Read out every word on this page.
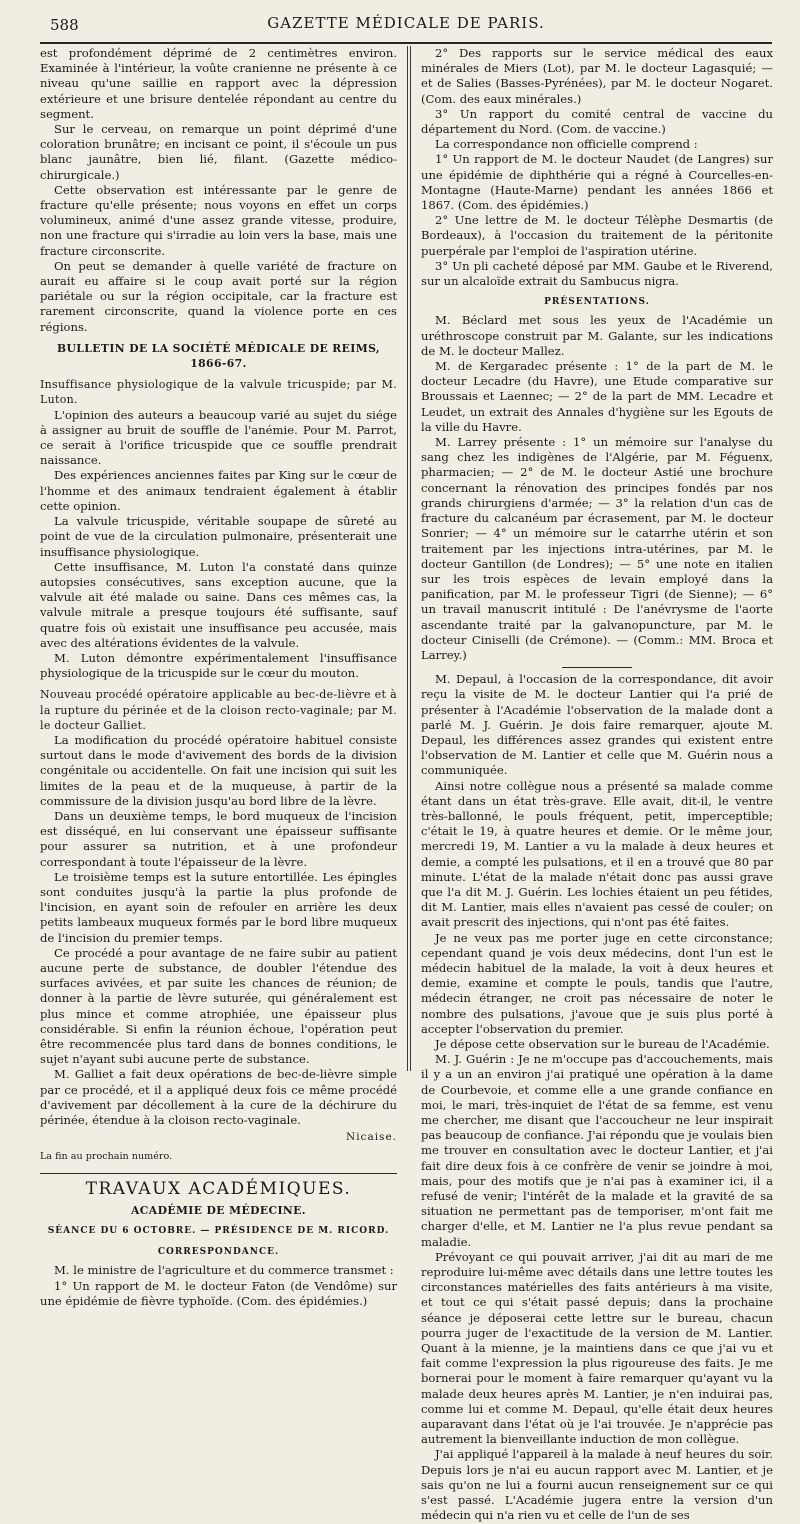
588	GAZETTE MÉDICALE DE PARIS.

est profondément déprimé de 2 centimètres environ. Examinée à l'intérieur, la voûte cranienne ne présente à ce niveau qu'une saillie en rapport avec la dépression extérieure et une brisure dentelée répondant au centre du segment.

Sur le cerveau, on remarque un point déprimé d'une coloration brunâtre; en incisant ce point, il s'écoule un pus blanc jaunâtre, bien lié, filant. (Gazette médico-chirurgicale.)

Cette observation est intéressante par le genre de fracture qu'elle présente; nous voyons en effet un corps volumineux, animé d'une assez grande vitesse, produire, non une fracture qui s'irradie au loin vers la base, mais une fracture circonscrite.

On peut se demander à quelle variété de fracture on aurait eu affaire si le coup avait porté sur la région pariétale ou sur la région occipitale, car la fracture est rarement circonscrite, quand la violence porte en ces régions.

BULLETIN DE LA SOCIÉTÉ MÉDICALE DE REIMS, 1866-67.

Insuffisance physiologique de la valvule tricuspide; par M. Luton.

L'opinion des auteurs a beaucoup varié au sujet du siége à assigner au bruit de souffle de l'anémie. Pour M. Parrot, ce serait à l'orifice tricuspide que ce souffle prendrait naissance.

Des expériences anciennes faites par King sur le cœur de l'homme et des animaux tendraient également à établir cette opinion.

La valvule tricuspide, véritable soupape de sûreté au point de vue de la circulation pulmonaire, présenterait une insuffisance physiologique.

Cette insuffisance, M. Luton l'a constaté dans quinze autopsies consécutives, sans exception aucune, que la valvule ait été malade ou saine. Dans ces mêmes cas, la valvule mitrale a presque toujours été suffisante, sauf quatre fois où existait une insuffisance peu accusée, mais avec des altérations évidentes de la valvule.

M. Luton démontre expérimentalement l'insuffisance physiologique de la tricuspide sur le cœur du mouton.

Nouveau procédé opératoire applicable au bec-de-lièvre et à la rupture du périnée et de la cloison recto-vaginale; par M. le docteur Galliet.

La modification du procédé opératoire habituel consiste surtout dans le mode d'avivement des bords de la division congénitale ou accidentelle. On fait une incision qui suit les limites de la peau et de la muqueuse, à partir de la commissure de la division jusqu'au bord libre de la lèvre.

Dans un deuxième temps, le bord muqueux de l'incision est disséqué, en lui conservant une épaisseur suffisante pour assurer sa nutrition, et à une profondeur correspondant à toute l'épaisseur de la lèvre.

Le troisième temps est la suture entortillée. Les épingles sont conduites jusqu'à la partie la plus profonde de l'incision, en ayant soin de refouler en arrière les deux petits lambeaux muqueux formés par le bord libre muqueux de l'incision du premier temps.

Ce procédé a pour avantage de ne faire subir au patient aucune perte de substance, de doubler l'étendue des surfaces avivées, et par suite les chances de réunion; de donner à la partie de lèvre suturée, qui généralement est plus mince et comme atrophiée, une épaisseur plus considérable. Si enfin la réunion échoue, l'opération peut être recommencée plus tard dans de bonnes conditions, le sujet n'ayant subi aucune perte de substance.

M. Galliet a fait deux opérations de bec-de-lièvre simple par ce procédé, et il a appliqué deux fois ce même procédé d'avivement par décollement à la cure de la déchirure du périnée, étendue à la cloison recto-vaginale.

Nicaise.

La fin au prochain numéro.

TRAVAUX ACADÉMIQUES.
ACADÉMIE DE MÉDECINE.
SÉANCE DU 6 OCTOBRE. — PRÉSIDENCE DE M. RICORD.
CORRESPONDANCE.

M. le ministre de l'agriculture et du commerce transmet :

1° Un rapport de M. le docteur Faton (de Vendôme) sur une épidémie de fièvre typhoïde. (Com. des épidémies.)

2° Des rapports sur le service médical des eaux minérales de Miers (Lot), par M. le docteur Lagasquié; — et de Salies (Basses-Pyrénées), par M. le docteur Nogaret. (Com. des eaux minérales.)

3° Un rapport du comité central de vaccine du département du Nord. (Com. de vaccine.)

La correspondance non officielle comprend :

1° Un rapport de M. le docteur Naudet (de Langres) sur une épidémie de diphthérie qui a régné à Courcelles-en-Montagne (Haute-Marne) pendant les années 1866 et 1867. (Com. des épidémies.)

2° Une lettre de M. le docteur Télèphe Desmartis (de Bordeaux), à l'occasion du traitement de la péritonite puerpérale par l'emploi de l'aspiration utérine.

3° Un pli cacheté déposé par MM. Gaube et le Riverend, sur un alcaloïde extrait du Sambucus nigra.

PRÉSENTATIONS.

M. Béclard met sous les yeux de l'Académie un uréthroscope construit par M. Galante, sur les indications de M. le docteur Mallez.

M. de Kergaradec présente : 1° de la part de M. le docteur Lecadre (du Havre), une Etude comparative sur Broussais et Laennec; — 2° de la part de MM. Lecadre et Leudet, un extrait des Annales d'hygiène sur les Egouts de la ville du Havre.

M. Larrey présente : 1° un mémoire sur l'analyse du sang chez les indigènes de l'Algérie, par M. Féguenx, pharmacien; — 2° de M. le docteur Astié une brochure concernant la rénovation des principes fondés par nos grands chirurgiens d'armée; — 3° la relation d'un cas de fracture du calcanéum par écrasement, par M. le docteur Sonrier; — 4° un mémoire sur le catarrhe utérin et son traitement par les injections intra-utérines, par M. le docteur Gantillon (de Londres); — 5° une note en italien sur les trois espèces de levain employé dans la panification, par M. le professeur Tigri (de Sienne); — 6° un travail manuscrit intitulé : De l'anévrysme de l'aorte ascendante traité par la galvanopuncture, par M. le docteur Ciniselli (de Crémone). — (Comm.: MM. Broca et Larrey.)

M. Depaul, à l'occasion de la correspondance, dit avoir reçu la visite de M. le docteur Lantier qui l'a prié de présenter à l'Académie l'observation de la malade dont a parlé M. J. Guérin. Je dois faire remarquer, ajoute M. Depaul, les différences assez grandes qui existent entre l'observation de M. Lantier et celle que M. Guérin nous a communiquée.

Ainsi notre collègue nous a présenté sa malade comme étant dans un état très-grave. Elle avait, dit-il, le ventre très-ballonné, le pouls fréquent, petit, imperceptible; c'était le 19, à quatre heures et demie. Or le même jour, mercredi 19, M. Lantier a vu la malade à deux heures et demie, a compté les pulsations, et il en a trouvé que 80 par minute. L'état de la malade n'était donc pas aussi grave que l'a dit M. J. Guérin. Les lochies étaient un peu fétides, dit M. Lantier, mais elles n'avaient pas cessé de couler; on avait prescrit des injections, qui n'ont pas été faites.

Je ne veux pas me porter juge en cette circonstance; cependant quand je vois deux médecins, dont l'un est le médecin habituel de la malade, la voit à deux heures et demie, examine et compte le pouls, tandis que l'autre, médecin étranger, ne croit pas nécessaire de noter le nombre des pulsations, j'avoue que je suis plus porté à accepter l'observation du premier.

Je dépose cette observation sur le bureau de l'Académie.

M. J. Guérin : Je ne m'occupe pas d'accouchements, mais il y a un an environ j'ai pratiqué une opération à la dame de Courbevoie, et comme elle a une grande confiance en moi, le mari, très-inquiet de l'état de sa femme, est venu me chercher, me disant que l'accoucheur ne leur inspirait pas beaucoup de confiance. J'ai répondu que je voulais bien me trouver en consultation avec le docteur Lantier, et j'ai fait dire deux fois à ce confrère de venir se joindre à moi, mais, pour des motifs que je n'ai pas à examiner ici, il a refusé de venir; l'intérêt de la malade et la gravité de sa situation ne permettant pas de temporiser, m'ont fait me charger d'elle, et M. Lantier ne l'a plus revue pendant sa maladie.

Prévoyant ce qui pouvait arriver, j'ai dit au mari de me reproduire lui-même avec détails dans une lettre toutes les circonstances matérielles des faits antérieurs à ma visite, et tout ce qui s'était passé depuis; dans la prochaine séance je déposerai cette lettre sur le bureau, chacun pourra juger de l'exactitude de la version de M. Lantier. Quant à la mienne, je la maintiens dans ce que j'ai vu et fait comme l'expression la plus rigoureuse des faits. Je me bornerai pour le moment à faire remarquer qu'ayant vu la malade deux heures après M. Lantier, je n'en induirai pas, comme lui et comme M. Depaul, qu'elle était deux heures auparavant dans l'état où je l'ai trouvée. Je n'apprécie pas autrement la bienveillante induction de mon collègue.

J'ai appliqué l'appareil à la malade à neuf heures du soir. Depuis lors je n'ai eu aucun rapport avec M. Lantier, et je sais qu'on ne lui a fourni aucun renseignement sur ce qui s'est passé. L'Académie jugera entre la version d'un médecin qui n'a rien vu et celle de l'un de ses
